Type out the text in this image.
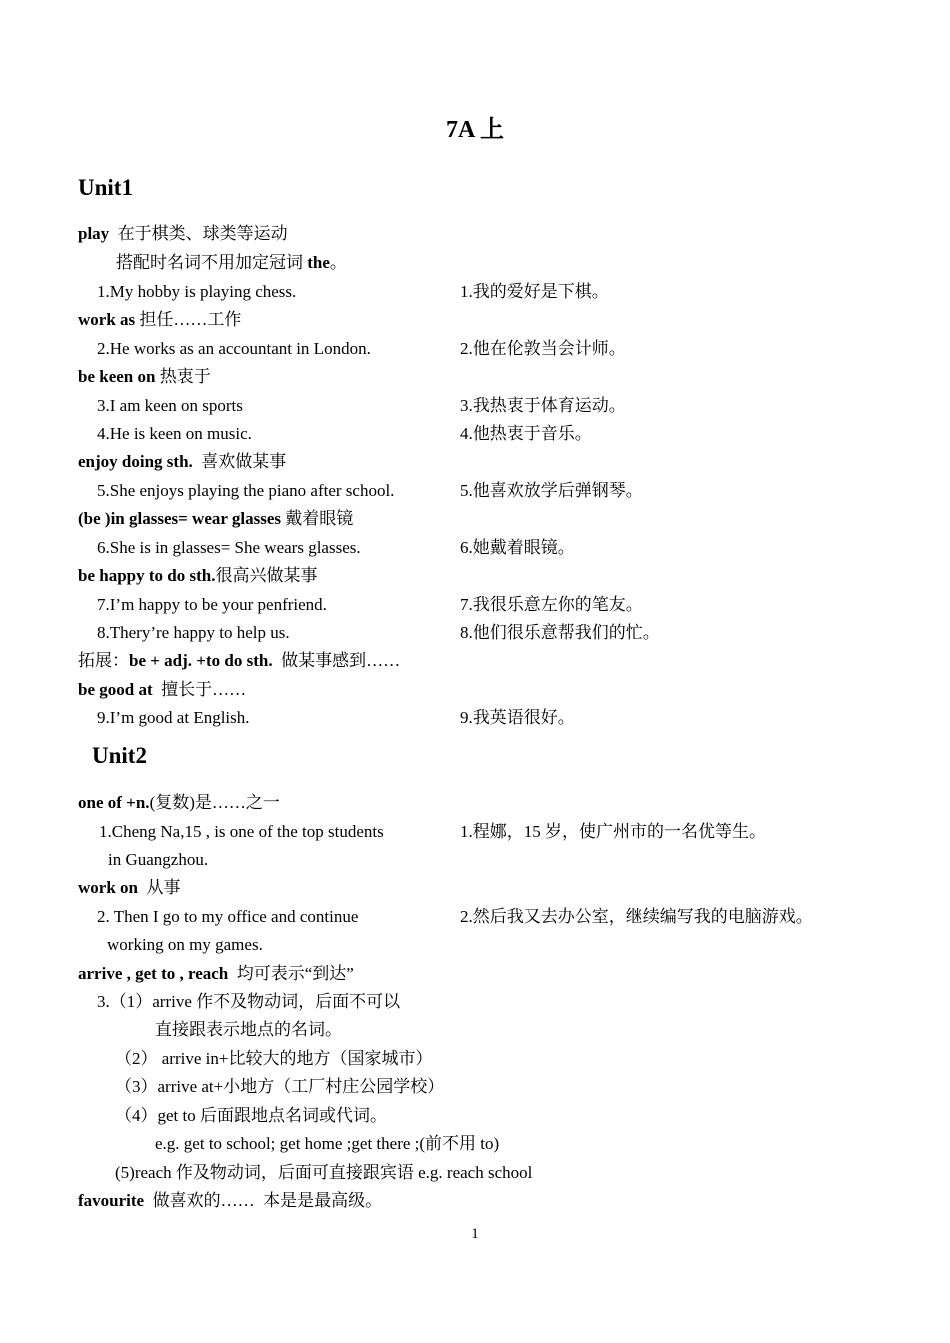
7A 上
Unit1
play 在于棋类、球类等运动
搭配时名词不用加定冠词 the。
1.My hobby is playing chess.	1.我的爱好是下棋。
work as 担任……工作
2.He works as an accountant in London.	2.他在伦敦当会计师。
be keen on 热衷于
3.I am keen on sports	3.我热衷于体育运动。
4.He is keen on music.	4.他热衷于音乐。
enjoy doing sth. 喜欢做某事
5.She enjoys playing the piano after school.	5.他喜欢放学后弹钢琴。
(be )in glasses= wear glasses 戴着眼镜
6.She is in glasses= She wears glasses.	6.她戴着眼镜。
be happy to do sth.很高兴做某事
7.I’m happy to be your penfriend.	7.我很乐意左你的笔友。
8.Thery’re happy to help us.	8.他们很乐意帮我们的忙。
拓展：be + adj. +to do sth. 做某事感到……
be good at 擅长于……
9.I’m good at English.	9.我英语很好。
Unit2
one of +n.(复数)是……之一
1.Cheng Na,15 , is one of the top students	1.程娜，15 岁，使广州市的一名优等生。
in Guangzhou.
work on 从事
2. Then I go to my office and continue	2.然后我又去办公室，继续编写我的电脑游戏。
working on my games.
arrive , get to , reach 均可表示“到达”
3.（1）arrive 作不及物动词，后面不可以
直接跟表示地点的名词。
（2） arrive in+比较大的地方（国家城市）
（3）arrive at+小地方（工厂村庄公园学校）
（4）get to 后面跟地点名词或代词。
e.g. get to school; get home ;get there ;(前不用 to)
(5)reach 作及物动词，后面可直接跟宾语 e.g. reach school
favourite 做喜欢的…… 本是是最高级。
1
